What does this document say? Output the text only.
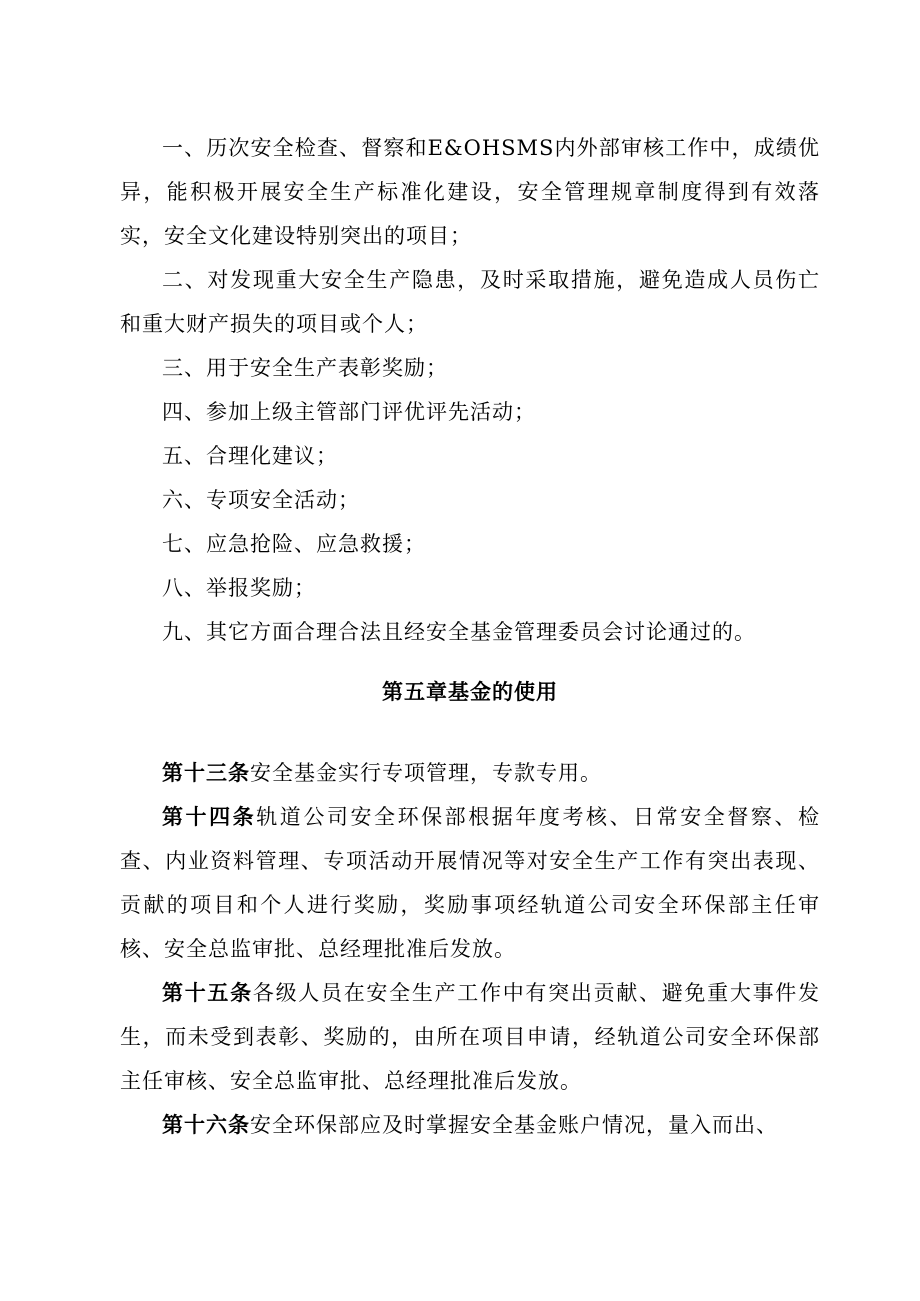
一、历次安全检查、督察和E&OHSMS内外部审核工作中，成绩优异，能积极开展安全生产标准化建设，安全管理规章制度得到有效落实，安全文化建设特别突出的项目；

二、对发现重大安全生产隐患，及时采取措施，避免造成人员伤亡和重大财产损失的项目或个人；

三、用于安全生产表彰奖励；

四、参加上级主管部门评优评先活动；

五、合理化建议；

六、专项安全活动；

七、应急抢险、应急救援；

八、举报奖励；

九、其它方面合理合法且经安全基金管理委员会讨论通过的。

第五章基金的使用

第十三条安全基金实行专项管理，专款专用。

第十四条轨道公司安全环保部根据年度考核、日常安全督察、检查、内业资料管理、专项活动开展情况等对安全生产工作有突出表现、贡献的项目和个人进行奖励，奖励事项经轨道公司安全环保部主任审核、安全总监审批、总经理批准后发放。

第十五条各级人员在安全生产工作中有突出贡献、避免重大事件发生，而未受到表彰、奖励的，由所在项目申请，经轨道公司安全环保部主任审核、安全总监审批、总经理批准后发放。

第十六条安全环保部应及时掌握安全基金账户情况，量入而出、
